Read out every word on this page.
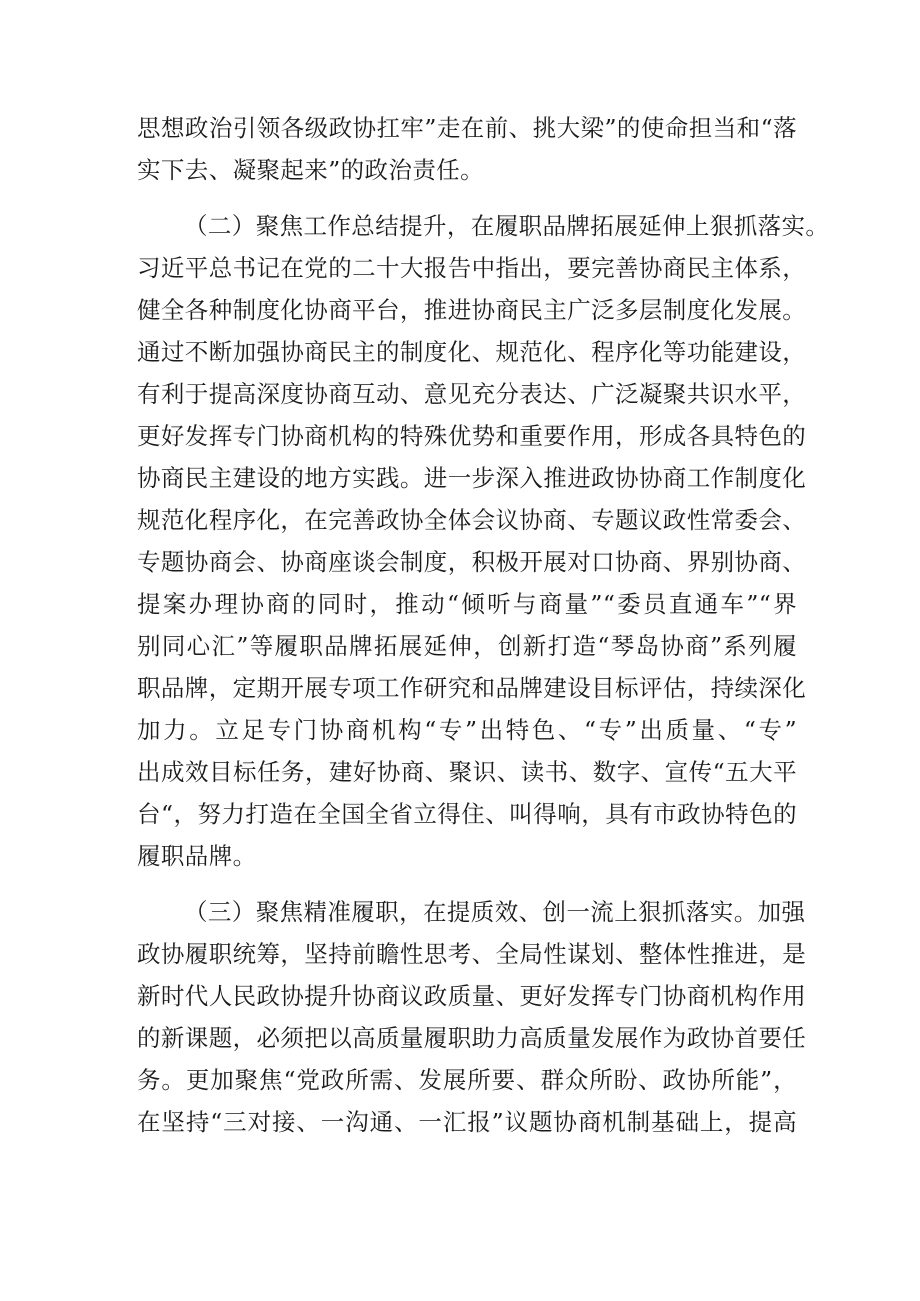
思想政治引领各级政协扛牢”走在前、挑大梁”的使命担当和“落
实下去、凝聚起来”的政治责任。
（二）聚焦工作总结提升，在履职品牌拓展延伸上狠抓落实。
习近平总书记在党的二十大报告中指出，要完善协商民主体系，
健全各种制度化协商平台，推进协商民主广泛多层制度化发展。
通过不断加强协商民主的制度化、规范化、程序化等功能建设，
有利于提高深度协商互动、意见充分表达、广泛凝聚共识水平，
更好发挥专门协商机构的特殊优势和重要作用，形成各具特色的
协商民主建设的地方实践。进一步深入推进政协协商工作制度化
规范化程序化，在完善政协全体会议协商、专题议政性常委会、
专题协商会、协商座谈会制度，积极开展对口协商、界别协商、
提案办理协商的同时，推动“倾听与商量”“委员直通车”“界
别同心汇”等履职品牌拓展延伸，创新打造“琴岛协商”系列履
职品牌，定期开展专项工作研究和品牌建设目标评估，持续深化
加力。立足专门协商机构“专”出特色、“专”出质量、“专”
出成效目标任务，建好协商、聚识、读书、数字、宣传“五大平
台“，努力打造在全国全省立得住、叫得响，具有市政协特色的
履职品牌。
（三）聚焦精准履职，在提质效、创一流上狠抓落实。加强
政协履职统筹，坚持前瞻性思考、全局性谋划、整体性推进，是
新时代人民政协提升协商议政质量、更好发挥专门协商机构作用
的新课题，必须把以高质量履职助力高质量发展作为政协首要任
务。更加聚焦“党政所需、发展所要、群众所盼、政协所能”，
在坚持“三对接、一沟通、一汇报”议题协商机制基础上，提高
